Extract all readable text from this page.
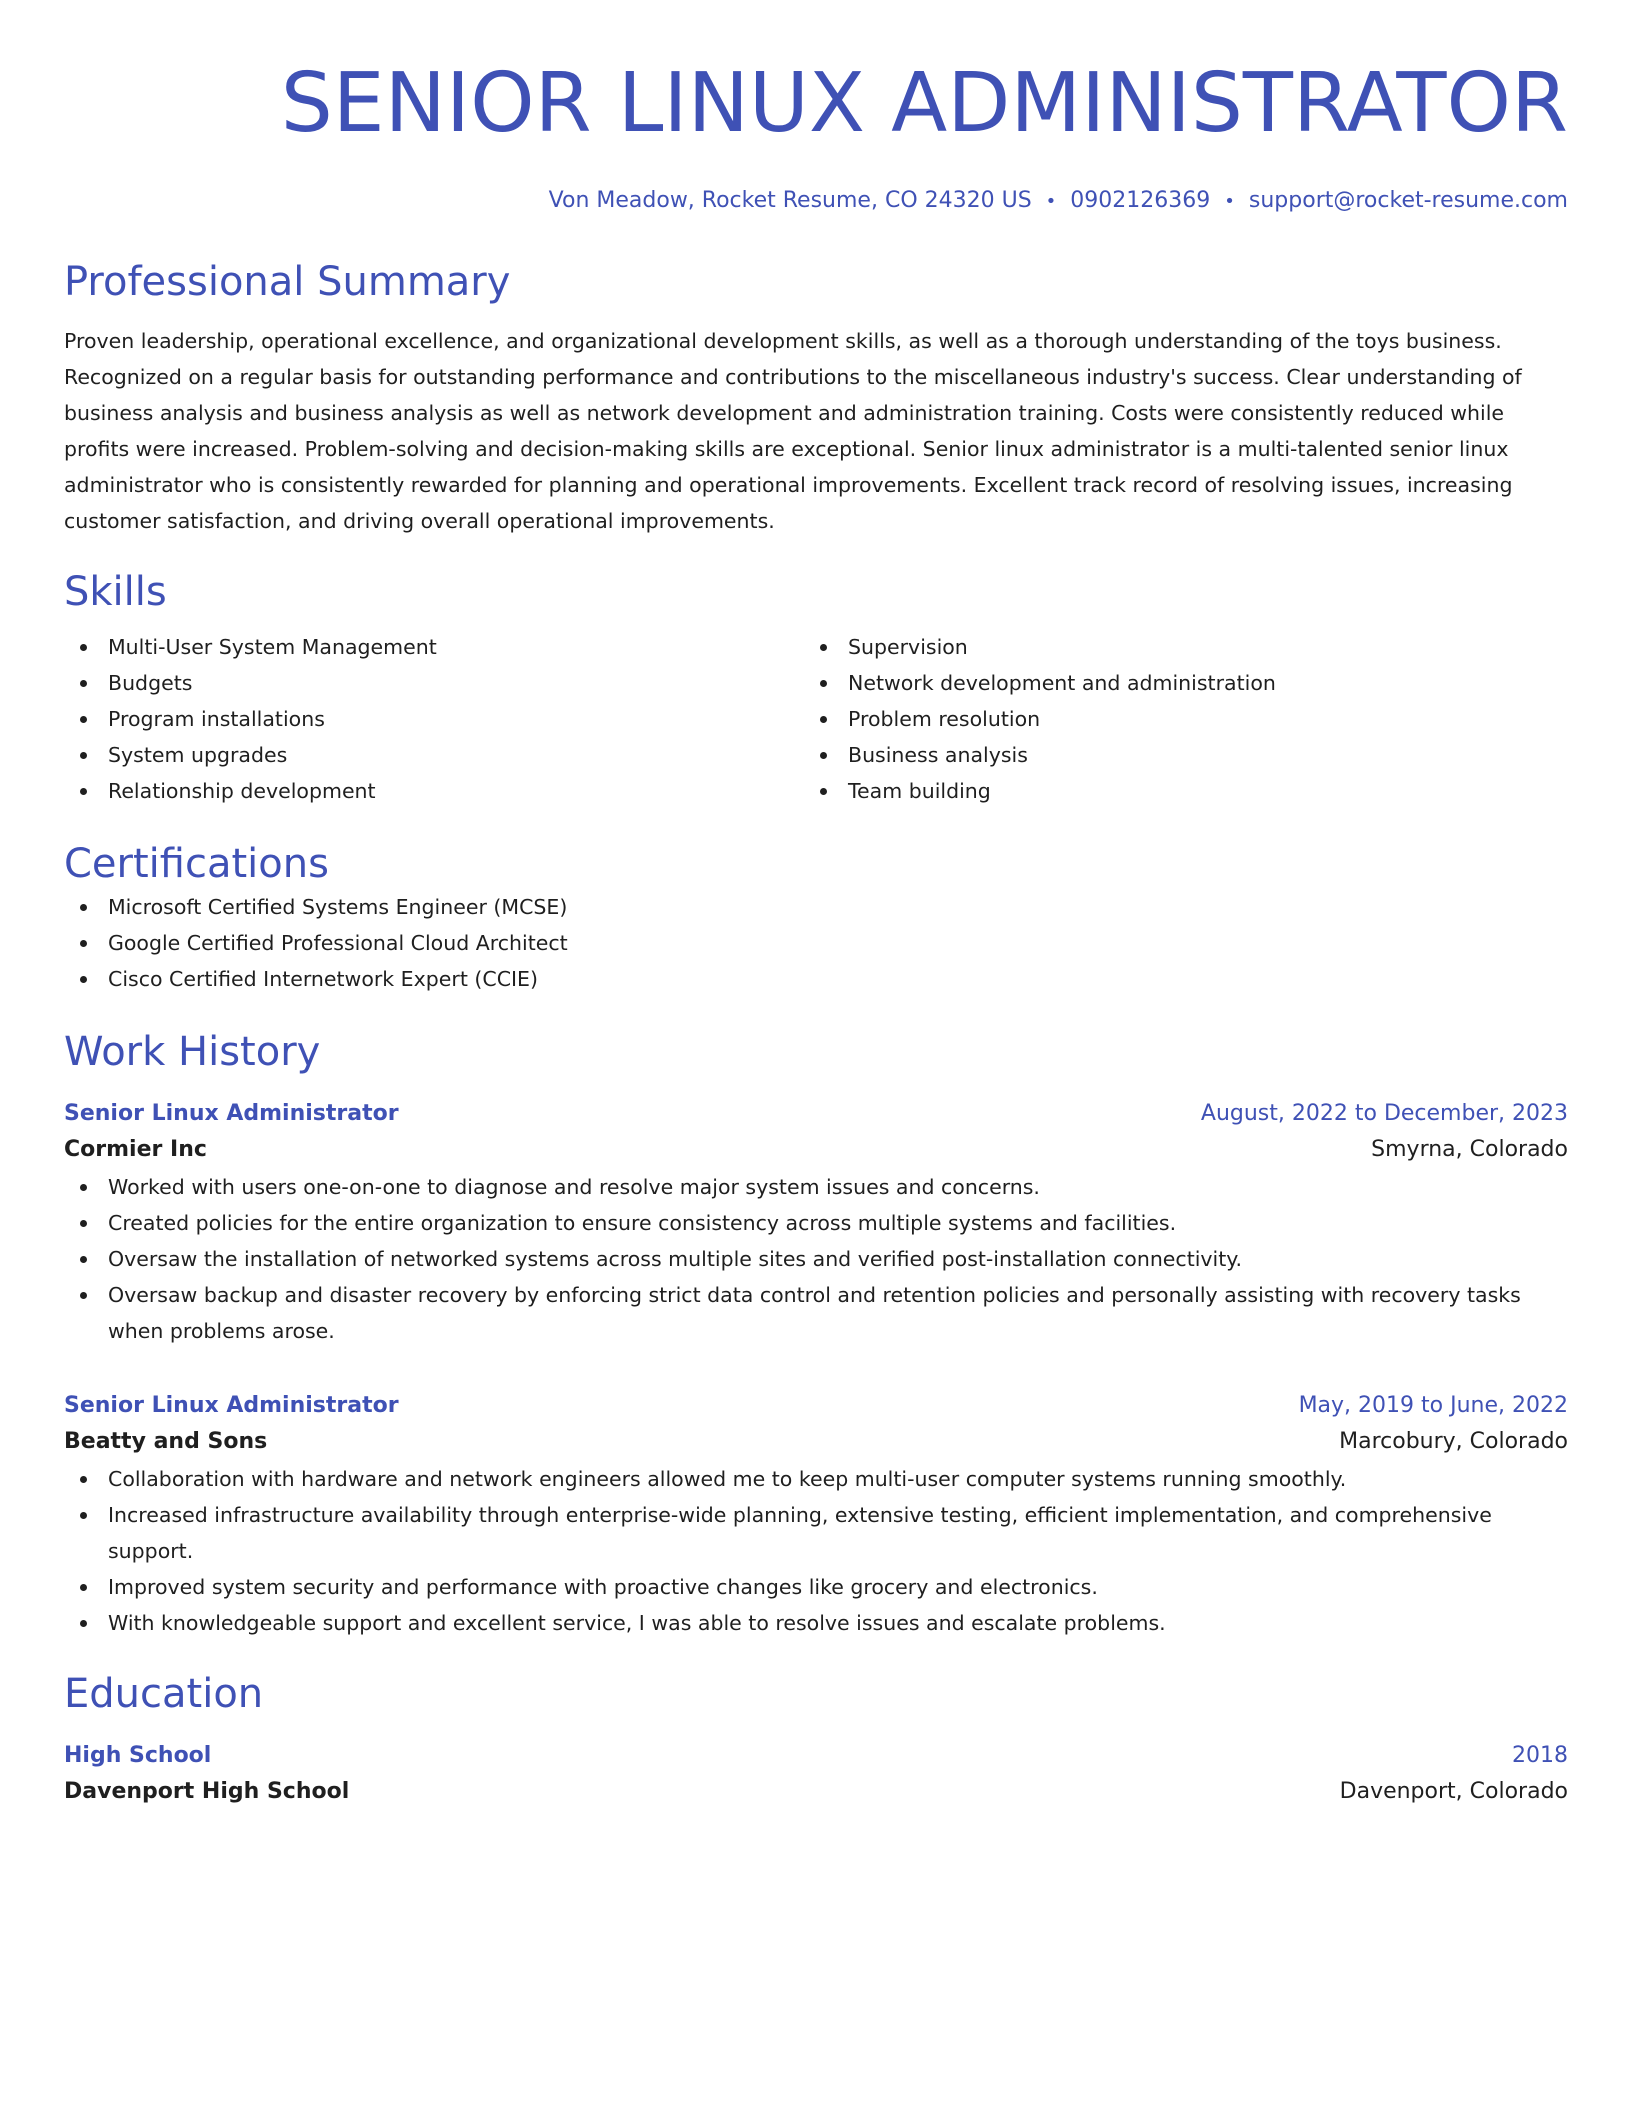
SENIOR LINUX ADMINISTRATOR
Von Meadow, Rocket Resume, CO 24320 US • 0902126369 • support@rocket-resume.com
Professional Summary

Proven leadership, operational excellence, and organizational development skills, as well as a thorough understanding of the toys business. Recognized on a regular basis for outstanding performance and contributions to the miscellaneous industry's success. Clear understanding of business analysis and business analysis as well as network development and administration training. Costs were consistently reduced while profits were increased. Problem-solving and decision-making skills are exceptional. Senior linux administrator is a multi-talented senior linux administrator who is consistently rewarded for planning and operational improvements. Excellent track record of resolving issues, increasing customer satisfaction, and driving overall operational improvements.

Skills
Multi-User System Management
Budgets
Program installations
System upgrades
Relationship development
Supervision
Network development and administration
Problem resolution
Business analysis
Team building
Certifications
Microsoft Certified Systems Engineer (MCSE)
Google Certified Professional Cloud Architect
Cisco Certified Internetwork Expert (CCIE)
Work History
Senior Linux Administrator	August, 2022 to December, 2023
Cormier Inc	Smyrna, Colorado
Worked with users one-on-one to diagnose and resolve major system issues and concerns.
Created policies for the entire organization to ensure consistency across multiple systems and facilities.
Oversaw the installation of networked systems across multiple sites and verified post-installation connectivity.
Oversaw backup and disaster recovery by enforcing strict data control and retention policies and personally assisting with recovery tasks when problems arose.
Senior Linux Administrator	May, 2019 to June, 2022
Beatty and Sons	Marcobury, Colorado
Collaboration with hardware and network engineers allowed me to keep multi-user computer systems running smoothly.
Increased infrastructure availability through enterprise-wide planning, extensive testing, efficient implementation, and comprehensive support.
Improved system security and performance with proactive changes like grocery and electronics.
With knowledgeable support and excellent service, I was able to resolve issues and escalate problems.
Education
High School	2018
Davenport High School	Davenport, Colorado
